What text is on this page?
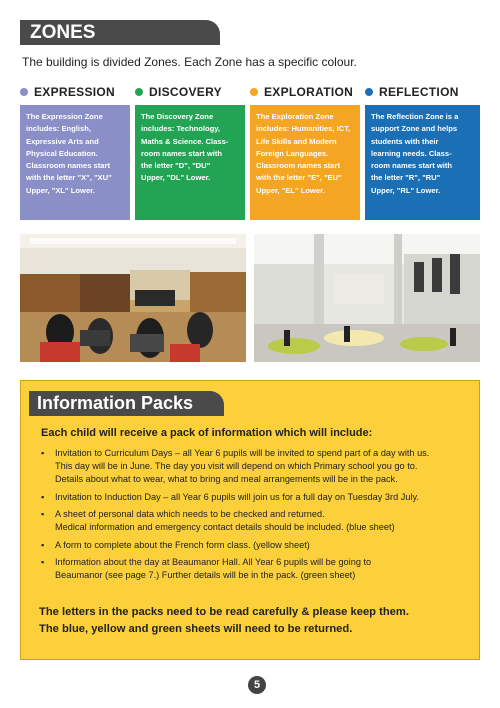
ZONES
The building is divided Zones. Each Zone has a specific colour.
EXPRESSION
The Expression Zone
includes: English,
Expressive Arts and
Physical Education.
Classroom names start
with the letter "X", "XU"
Upper, "XL" Lower.
DISCOVERY
The Discovery Zone
includes: Technology,
Maths & Science. Class-
room names start with
the letter "D", "DU"
Upper, "DL" Lower.
EXPLORATION
The Exploration Zone
includes: Humanities, ICT,
Life Skills and Modern
Foreign Languages.
Classroom names start
with the letter "E", "EU"
Upper, "EL" Lower.
REFLECTION
The Reflection Zone is a
support Zone and helps
students with their
learning needs. Class-
room names start with
the letter "R", "RU"
Upper, "RL" Lower.
Information Packs
Each child will receive a pack of information which will include:
▪ Invitation to Curriculum Days – all Year 6 pupils will be invited to spend part of a day with us.
This day will be in June. The day you visit will depend on which Primary school you go to.
Details about what to wear, what to bring and meal arrangements will be in the pack.
▪ Invitation to Induction Day – all Year 6 pupils will join us for a full day on Tuesday 3rd July.
▪ A sheet of personal data which needs to be checked and returned.
Medical information and emergency contact details should be included. (blue sheet)
▪ A form to complete about the French form class. (yellow sheet)
▪ Information about the day at Beaumanor Hall. All Year 6 pupils will be going to
Beaumanor (see page 7.) Further details will be in the pack. (green sheet)
The letters in the packs need to be read carefully & please keep them.
The blue, yellow and green sheets will need to be returned.
5
